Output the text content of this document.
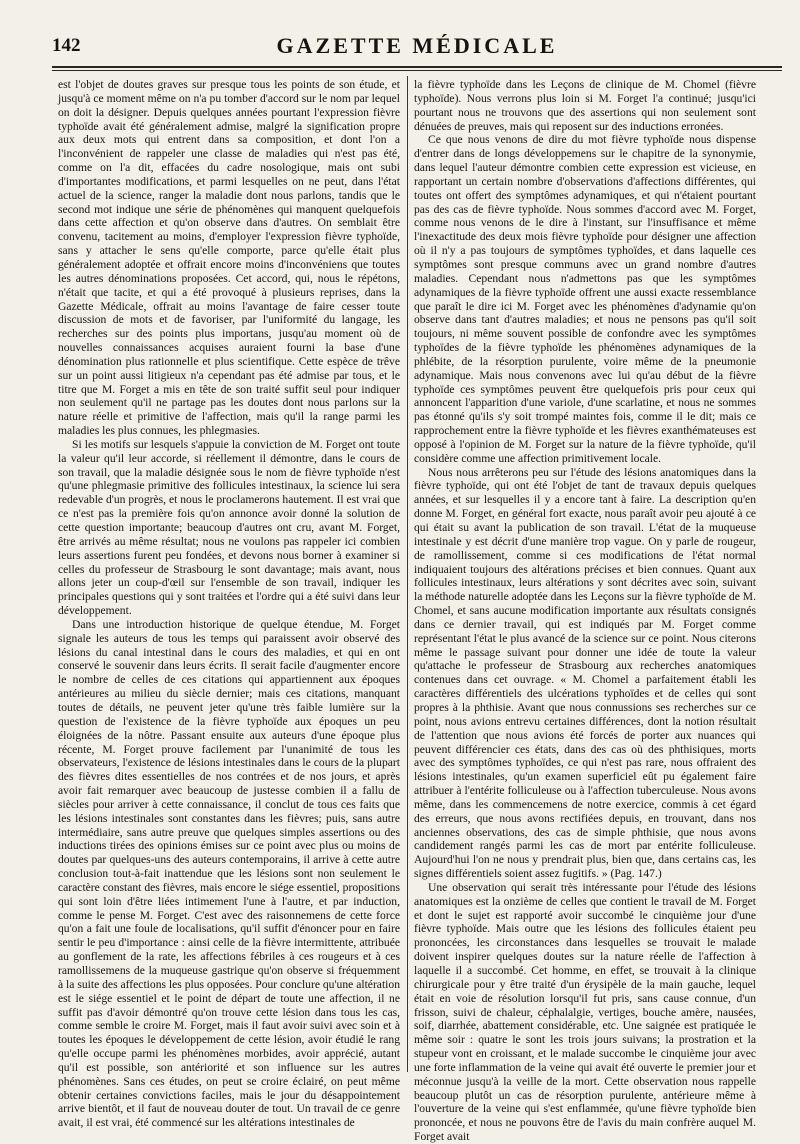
142	GAZETTE MÉDICALE

est l'objet de doutes graves sur presque tous les points de son étude, et jusqu'à ce moment même on n'a pu tomber d'accord sur le nom par lequel on doit la désigner. Depuis quelques années pourtant l'expression fièvre typhoïde avait été généralement admise, malgré la signification propre aux deux mots qui entrent dans sa composition, et dont l'on a l'inconvénient de rappeler une classe de maladies qui n'est pas été, comme on l'a dit, effacées du cadre nosologique, mais ont subi d'importantes modifications, et parmi lesquelles on ne peut, dans l'état actuel de la science, ranger la maladie dont nous parlons, tandis que le second mot indique une série de phénomènes qui manquent quelquefois dans cette affection et qu'on observe dans d'autres. On semblait être convenu, tacitement au moins, d'employer l'expression fièvre typhoïde, sans y attacher le sens qu'elle comporte, parce qu'elle était plus généralement adoptée et offrait encore moins d'inconvéniens que toutes les autres dénominations proposées. Cet accord, qui, nous le répétons, n'était que tacite, et qui a été provoqué à plusieurs reprises, dans la Gazette Médicale, offrait au moins l'avantage de faire cesser toute discussion de mots et de favoriser, par l'uniformité du langage, les recherches sur des points plus importans, jusqu'au moment où de nouvelles connaissances acquises auraient fourni la base d'une dénomination plus rationnelle et plus scientifique. Cette espèce de trêve sur un point aussi litigieux n'a cependant pas été admise par tous, et le titre que M. Forget a mis en tête de son traité suffit seul pour indiquer non seulement qu'il ne partage pas les doutes dont nous parlons sur la nature réelle et primitive de l'affection, mais qu'il la range parmi les maladies les plus connues, les phlegmasies.

Si les motifs sur lesquels s'appuie la conviction de M. Forget ont toute la valeur qu'il leur accorde, si réellement il démontre, dans le cours de son travail, que la maladie désignée sous le nom de fièvre typhoïde n'est qu'une phlegmasie primitive des follicules intestinaux, la science lui sera redevable d'un progrès, et nous le proclamerons hautement. Il est vrai que ce n'est pas la première fois qu'on annonce avoir donné la solution de cette question importante; beaucoup d'autres ont cru, avant M. Forget, être arrivés au même résultat; nous ne voulons pas rappeler ici combien leurs assertions furent peu fondées, et devons nous borner à examiner si celles du professeur de Strasbourg le sont davantage; mais avant, nous allons jeter un coup-d'œil sur l'ensemble de son travail, indiquer les principales questions qui y sont traitées et l'ordre qui a été suivi dans leur développement.

Dans une introduction historique de quelque étendue, M. Forget signale les auteurs de tous les temps qui paraissent avoir observé des lésions du canal intestinal dans le cours des maladies, et qui en ont conservé le souvenir dans leurs écrits. Il serait facile d'augmenter encore le nombre de celles de ces citations qui appartiennent aux époques antérieures au milieu du siècle dernier; mais ces citations, manquant toutes de détails, ne peuvent jeter qu'une très faible lumière sur la question de l'existence de la fièvre typhoïde aux époques un peu éloignées de la nôtre. Passant ensuite aux auteurs d'une époque plus récente, M. Forget prouve facilement par l'unanimité de tous les observateurs, l'existence de lésions intestinales dans le cours de la plupart des fièvres dites essentielles de nos contrées et de nos jours, et après avoir fait remarquer avec beaucoup de justesse combien il a fallu de siècles pour arriver à cette connaissance, il conclut de tous ces faits que les lésions intestinales sont constantes dans les fièvres; puis, sans autre intermédiaire, sans autre preuve que quelques simples assertions ou des inductions tirées des opinions émises sur ce point avec plus ou moins de doutes par quelques-uns des auteurs contemporains, il arrive à cette autre conclusion tout-à-fait inattendue que les lésions sont non seulement le caractère constant des fièvres, mais encore le siége essentiel, propositions qui sont loin d'être liées intimement l'une à l'autre, et par induction, comme le pense M. Forget. C'est avec des raisonnemens de cette force qu'on a fait une foule de localisations, qu'il suffit d'énoncer pour en faire sentir le peu d'importance : ainsi celle de la fièvre intermittente, attribuée au gonflement de la rate, les affections fébriles à ces rougeurs et à ces ramollissemens de la muqueuse gastrique qu'on observe si fréquemment à la suite des affections les plus opposées. Pour conclure qu'une altération est le siége essentiel et le point de départ de toute une affection, il ne suffit pas d'avoir démontré qu'on trouve cette lésion dans tous les cas, comme semble le croire M. Forget, mais il faut avoir suivi avec soin et à toutes les époques le développement de cette lésion, avoir étudié le rang qu'elle occupe parmi les phénomènes morbides, avoir apprécié, autant qu'il est possible, son antériorité et son influence sur les autres phénomènes. Sans ces études, on peut se croire éclairé, on peut même obtenir certaines convictions faciles, mais le jour du désappointement arrive bientôt, et il faut de nouveau douter de tout. Un travail de ce genre avait, il est vrai, été commencé sur les altérations intestinales de

la fièvre typhoïde dans les Leçons de clinique de M. Chomel (fièvre typhoïde). Nous verrons plus loin si M. Forget l'a continué; jusqu'ici pourtant nous ne trouvons que des assertions qui non seulement sont dénuées de preuves, mais qui reposent sur des inductions erronées.

Ce que nous venons de dire du mot fièvre typhoïde nous dispense d'entrer dans de longs développemens sur le chapitre de la synonymie, dans lequel l'auteur démontre combien cette expression est vicieuse, en rapportant un certain nombre d'observations d'affections différentes, qui toutes ont offert des symptômes adynamiques, et qui n'étaient pourtant pas des cas de fièvre typhoïde. Nous sommes d'accord avec M. Forget, comme nous venons de le dire à l'instant, sur l'insuffisance et même l'inexactitude des deux mois fièvre typhoïde pour désigner une affection où il n'y a pas toujours de symptômes typhoïdes, et dans laquelle ces symptômes sont presque communs avec un grand nombre d'autres maladies. Cependant nous n'admettons pas que les symptômes adynamiques de la fièvre typhoïde offrent une aussi exacte ressemblance que paraît le dire ici M. Forget avec les phénomènes d'adynamie qu'on observe dans tant d'autres maladies; et nous ne pensons pas qu'il soit toujours, ni même souvent possible de confondre avec les symptômes typhoïdes de la fièvre typhoïde les phénomènes adynamiques de la phlébite, de la résorption purulente, voire même de la pneumonie adynamique. Mais nous convenons avec lui qu'au début de la fièvre typhoïde ces symptômes peuvent être quelquefois pris pour ceux qui annoncent l'apparition d'une variole, d'une scarlatine, et nous ne sommes pas étonné qu'ils s'y soit trompé maintes fois, comme il le dit; mais ce rapprochement entre la fièvre typhoïde et les fièvres exanthémateuses est opposé à l'opinion de M. Forget sur la nature de la fièvre typhoïde, qu'il considère comme une affection primitivement locale.

Nous nous arrêterons peu sur l'étude des lésions anatomiques dans la fièvre typhoïde, qui ont été l'objet de tant de travaux depuis quelques années, et sur lesquelles il y a encore tant à faire. La description qu'en donne M. Forget, en général fort exacte, nous paraît avoir peu ajouté à ce qui était su avant la publication de son travail. L'état de la muqueuse intestinale y est décrit d'une manière trop vague. On y parle de rougeur, de ramollissement, comme si ces modifications de l'état normal indiquaient toujours des altérations précises et bien connues. Quant aux follicules intestinaux, leurs altérations y sont décrites avec soin, suivant la méthode naturelle adoptée dans les Leçons sur la fièvre typhoïde de M. Chomel, et sans aucune modification importante aux résultats consignés dans ce dernier travail, qui est indiqués par M. Forget comme représentant l'état le plus avancé de la science sur ce point. Nous citerons même le passage suivant pour donner une idée de toute la valeur qu'attache le professeur de Strasbourg aux recherches anatomiques contenues dans cet ouvrage. « M. Chomel a parfaitement établi les caractères différentiels des ulcérations typhoïdes et de celles qui sont propres à la phthisie. Avant que nous connussions ses recherches sur ce point, nous avions entrevu certaines différences, dont la notion résultait de l'attention que nous avions été forcés de porter aux nuances qui peuvent différencier ces états, dans des cas où des phthisiques, morts avec des symptômes typhoïdes, ce qui n'est pas rare, nous offraient des lésions intestinales, qu'un examen superficiel eût pu également faire attribuer à l'entérite folliculeuse ou à l'affection tuberculeuse. Nous avons même, dans les commencemens de notre exercice, commis à cet égard des erreurs, que nous avons rectifiées depuis, en trouvant, dans nos anciennes observations, des cas de simple phthisie, que nous avons candidement rangés parmi les cas de mort par entérite folliculeuse. Aujourd'hui l'on ne nous y prendrait plus, bien que, dans certains cas, les signes différentiels soient assez fugitifs. » (Pag. 147.)

Une observation qui serait très intéressante pour l'étude des lésions anatomiques est la onzième de celles que contient le travail de M. Forget et dont le sujet est rapporté avoir succombé le cinquième jour d'une fièvre typhoïde. Mais outre que les lésions des follicules étaient peu prononcées, les circonstances dans lesquelles se trouvait le malade doivent inspirer quelques doutes sur la nature réelle de l'affection à laquelle il a succombé. Cet homme, en effet, se trouvait à la clinique chirurgicale pour y être traité d'un érysipèle de la main gauche, lequel était en voie de résolution lorsqu'il fut pris, sans cause connue, d'un frisson, suivi de chaleur, céphalalgie, vertiges, bouche amère, nausées, soif, diarrhée, abattement considérable, etc. Une saignée est pratiquée le même soir : quatre le sont les trois jours suivans; la prostration et la stupeur vont en croissant, et le malade succombe le cinquième jour avec une forte inflammation de la veine qui avait été ouverte le premier jour et méconnue jusqu'à la veille de la mort. Cette observation nous rappelle beaucoup plutôt un cas de résorption purulente, antérieure même à l'ouverture de la veine qui s'est enflammée, qu'une fièvre typhoïde bien prononcée, et nous ne pouvons être de l'avis du main confrère auquel M. Forget avait
